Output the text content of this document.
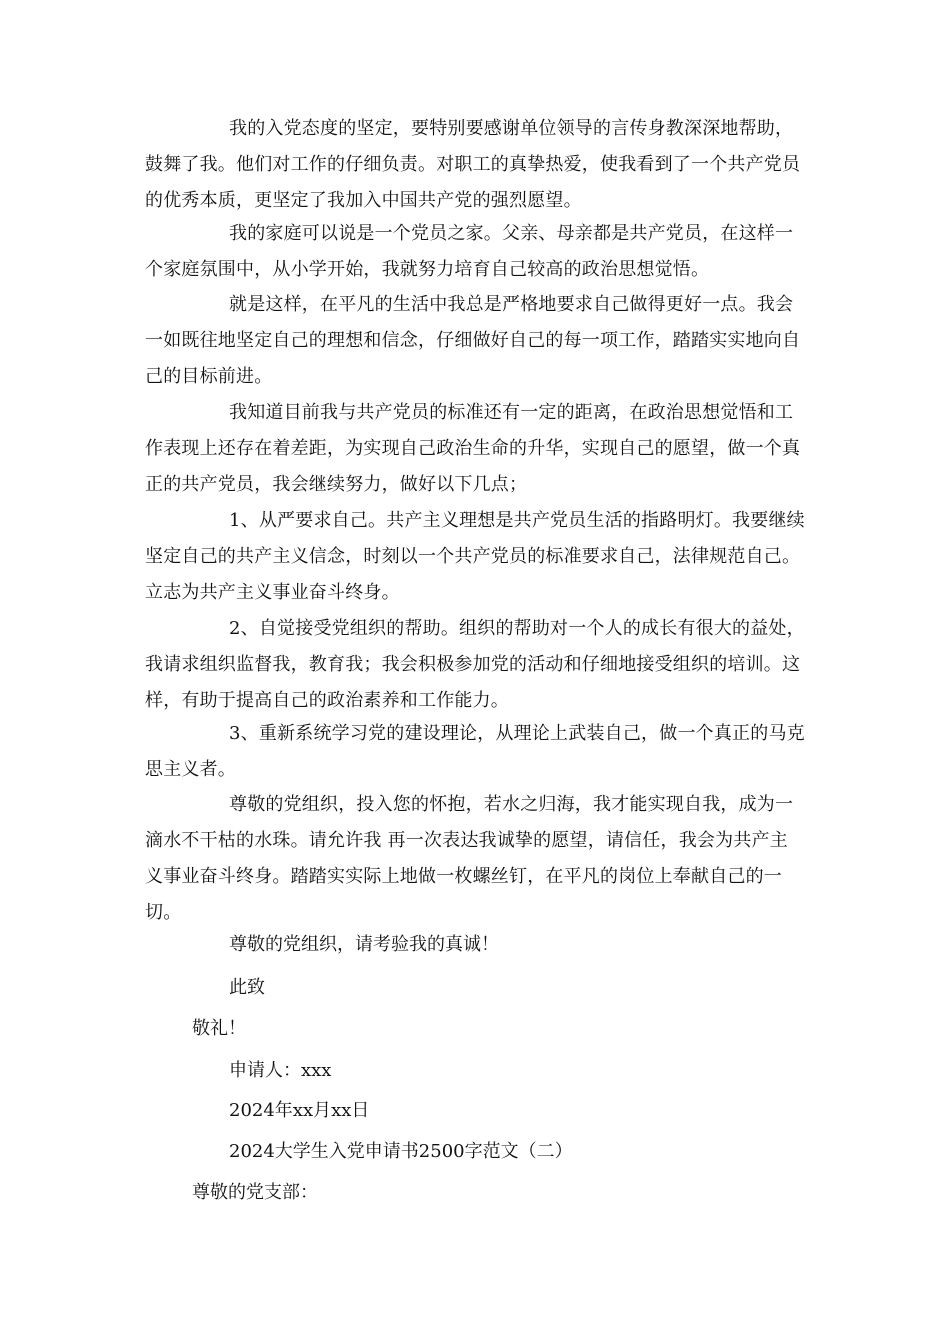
我的入党态度的坚定，要特别要感谢单位领导的言传身教深深地帮助，鼓舞了我。他们对工作的仔细负责。对职工的真挚热爱，使我看到了一个共产党员的优秀本质，更坚定了我加入中国共产党的强烈愿望。

我的家庭可以说是一个党员之家。父亲、母亲都是共产党员，在这样一个家庭氛围中，从小学开始，我就努力培育自己较高的政治思想觉悟。

就是这样，在平凡的生活中我总是严格地要求自己做得更好一点。我会一如既往地坚定自己的理想和信念，仔细做好自己的每一项工作，踏踏实实地向自己的目标前进。

我知道目前我与共产党员的标准还有一定的距离，在政治思想觉悟和工作表现上还存在着差距，为实现自己政治生命的升华，实现自己的愿望，做一个真正的共产党员，我会继续努力，做好以下几点；

1、从严要求自己。共产主义理想是共产党员生活的指路明灯。我要继续坚定自己的共产主义信念，时刻以一个共产党员的标准要求自己，法律规范自己。立志为共产主义事业奋斗终身。

2、自觉接受党组织的帮助。组织的帮助对一个人的成长有很大的益处，我请求组织监督我，教育我；我会积极参加党的活动和仔细地接受组织的培训。这样，有助于提高自己的政治素养和工作能力。

3、重新系统学习党的建设理论，从理论上武装自己，做一个真正的马克思主义者。

尊敬的党组织，投入您的怀抱，若水之归海，我才能实现自我，成为一滴水不干枯的水珠。请允许我 再一次表达我诚挚的愿望，请信任，我会为共产主义事业奋斗终身。踏踏实实际上地做一枚螺丝钉，在平凡的岗位上奉献自己的一切。

尊敬的党组织，请考验我的真诚！

此致

敬礼！

申请人：xxx

2024年xx月xx日

2024大学生入党申请书2500字范文（二）

尊敬的党支部：
